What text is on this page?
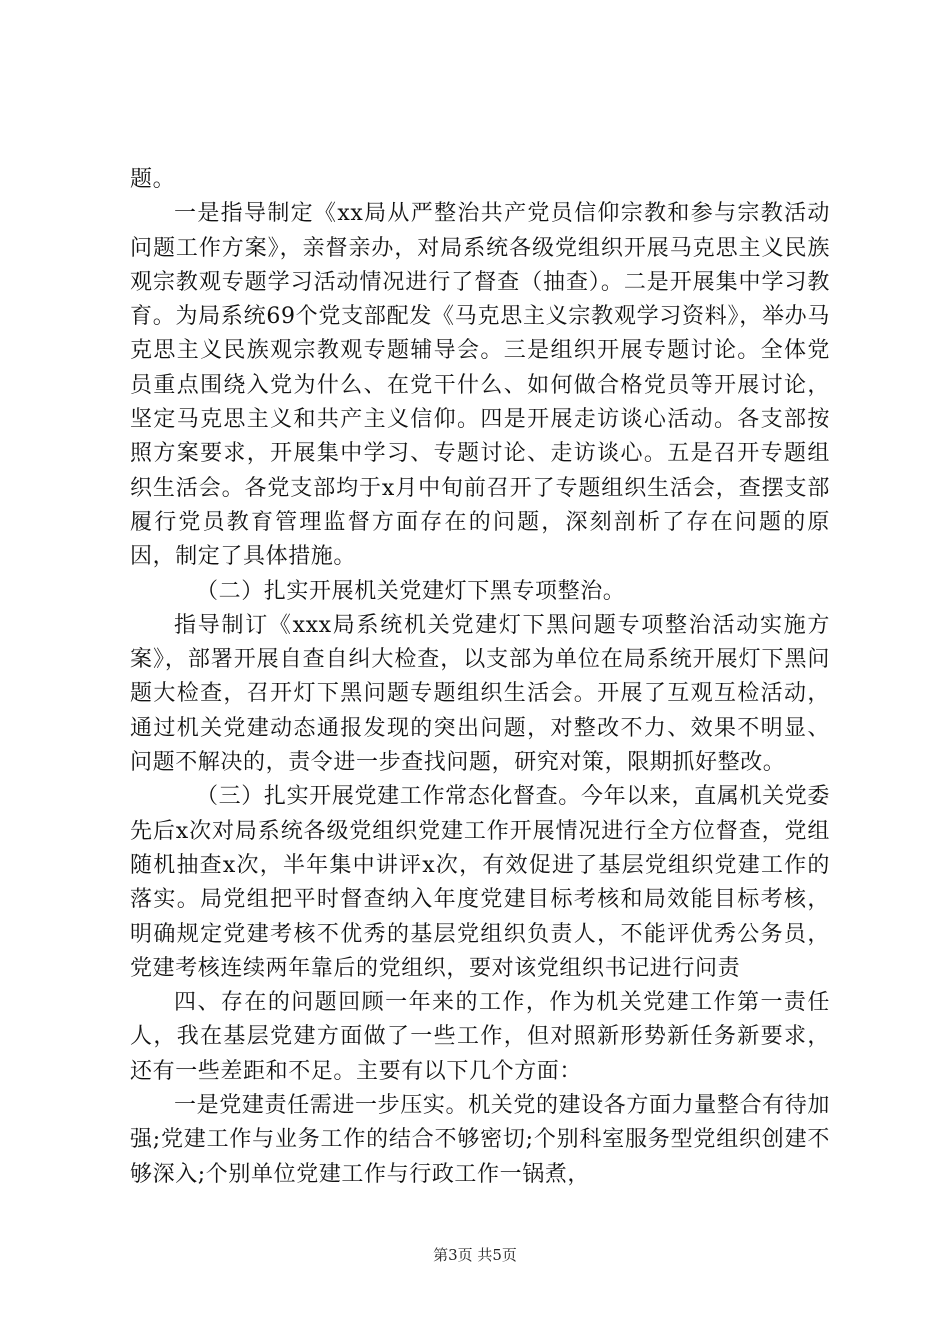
题。

一是指导制定《xx局从严整治共产党员信仰宗教和参与宗教活动问题工作方案》，亲督亲办，对局系统各级党组织开展马克思主义民族观宗教观专题学习活动情况进行了督查（抽查）。二是开展集中学习教育。为局系统69个党支部配发《马克思主义宗教观学习资料》，举办马克思主义民族观宗教观专题辅导会。三是组织开展专题讨论。全体党员重点围绕入党为什么、在党干什么、如何做合格党员等开展讨论，坚定马克思主义和共产主义信仰。四是开展走访谈心活动。各支部按照方案要求，开展集中学习、专题讨论、走访谈心。五是召开专题组织生活会。各党支部均于x月中旬前召开了专题组织生活会，查摆支部履行党员教育管理监督方面存在的问题，深刻剖析了存在问题的原因，制定了具体措施。

（二）扎实开展机关党建灯下黑专项整治。

指导制订《xxx局系统机关党建灯下黑问题专项整治活动实施方案》，部署开展自查自纠大检查，以支部为单位在局系统开展灯下黑问题大检查，召开灯下黑问题专题组织生活会。开展了互观互检活动，通过机关党建动态通报发现的突出问题，对整改不力、效果不明显、问题不解决的，责令进一步查找问题，研究对策，限期抓好整改。

（三）扎实开展党建工作常态化督查。今年以来，直属机关党委先后x次对局系统各级党组织党建工作开展情况进行全方位督查，党组随机抽查x次，半年集中讲评x次，有效促进了基层党组织党建工作的落实。局党组把平时督查纳入年度党建目标考核和局效能目标考核，明确规定党建考核不优秀的基层党组织负责人，不能评优秀公务员，党建考核连续两年靠后的党组织，要对该党组织书记进行问责

四、存在的问题回顾一年来的工作，作为机关党建工作第一责任人，我在基层党建方面做了一些工作，但对照新形势新任务新要求，还有一些差距和不足。主要有以下几个方面：

一是党建责任需进一步压实。机关党的建设各方面力量整合有待加强;党建工作与业务工作的结合不够密切;个别科室服务型党组织创建不够深入;个别单位党建工作与行政工作一锅煮，

第3页 共5页
